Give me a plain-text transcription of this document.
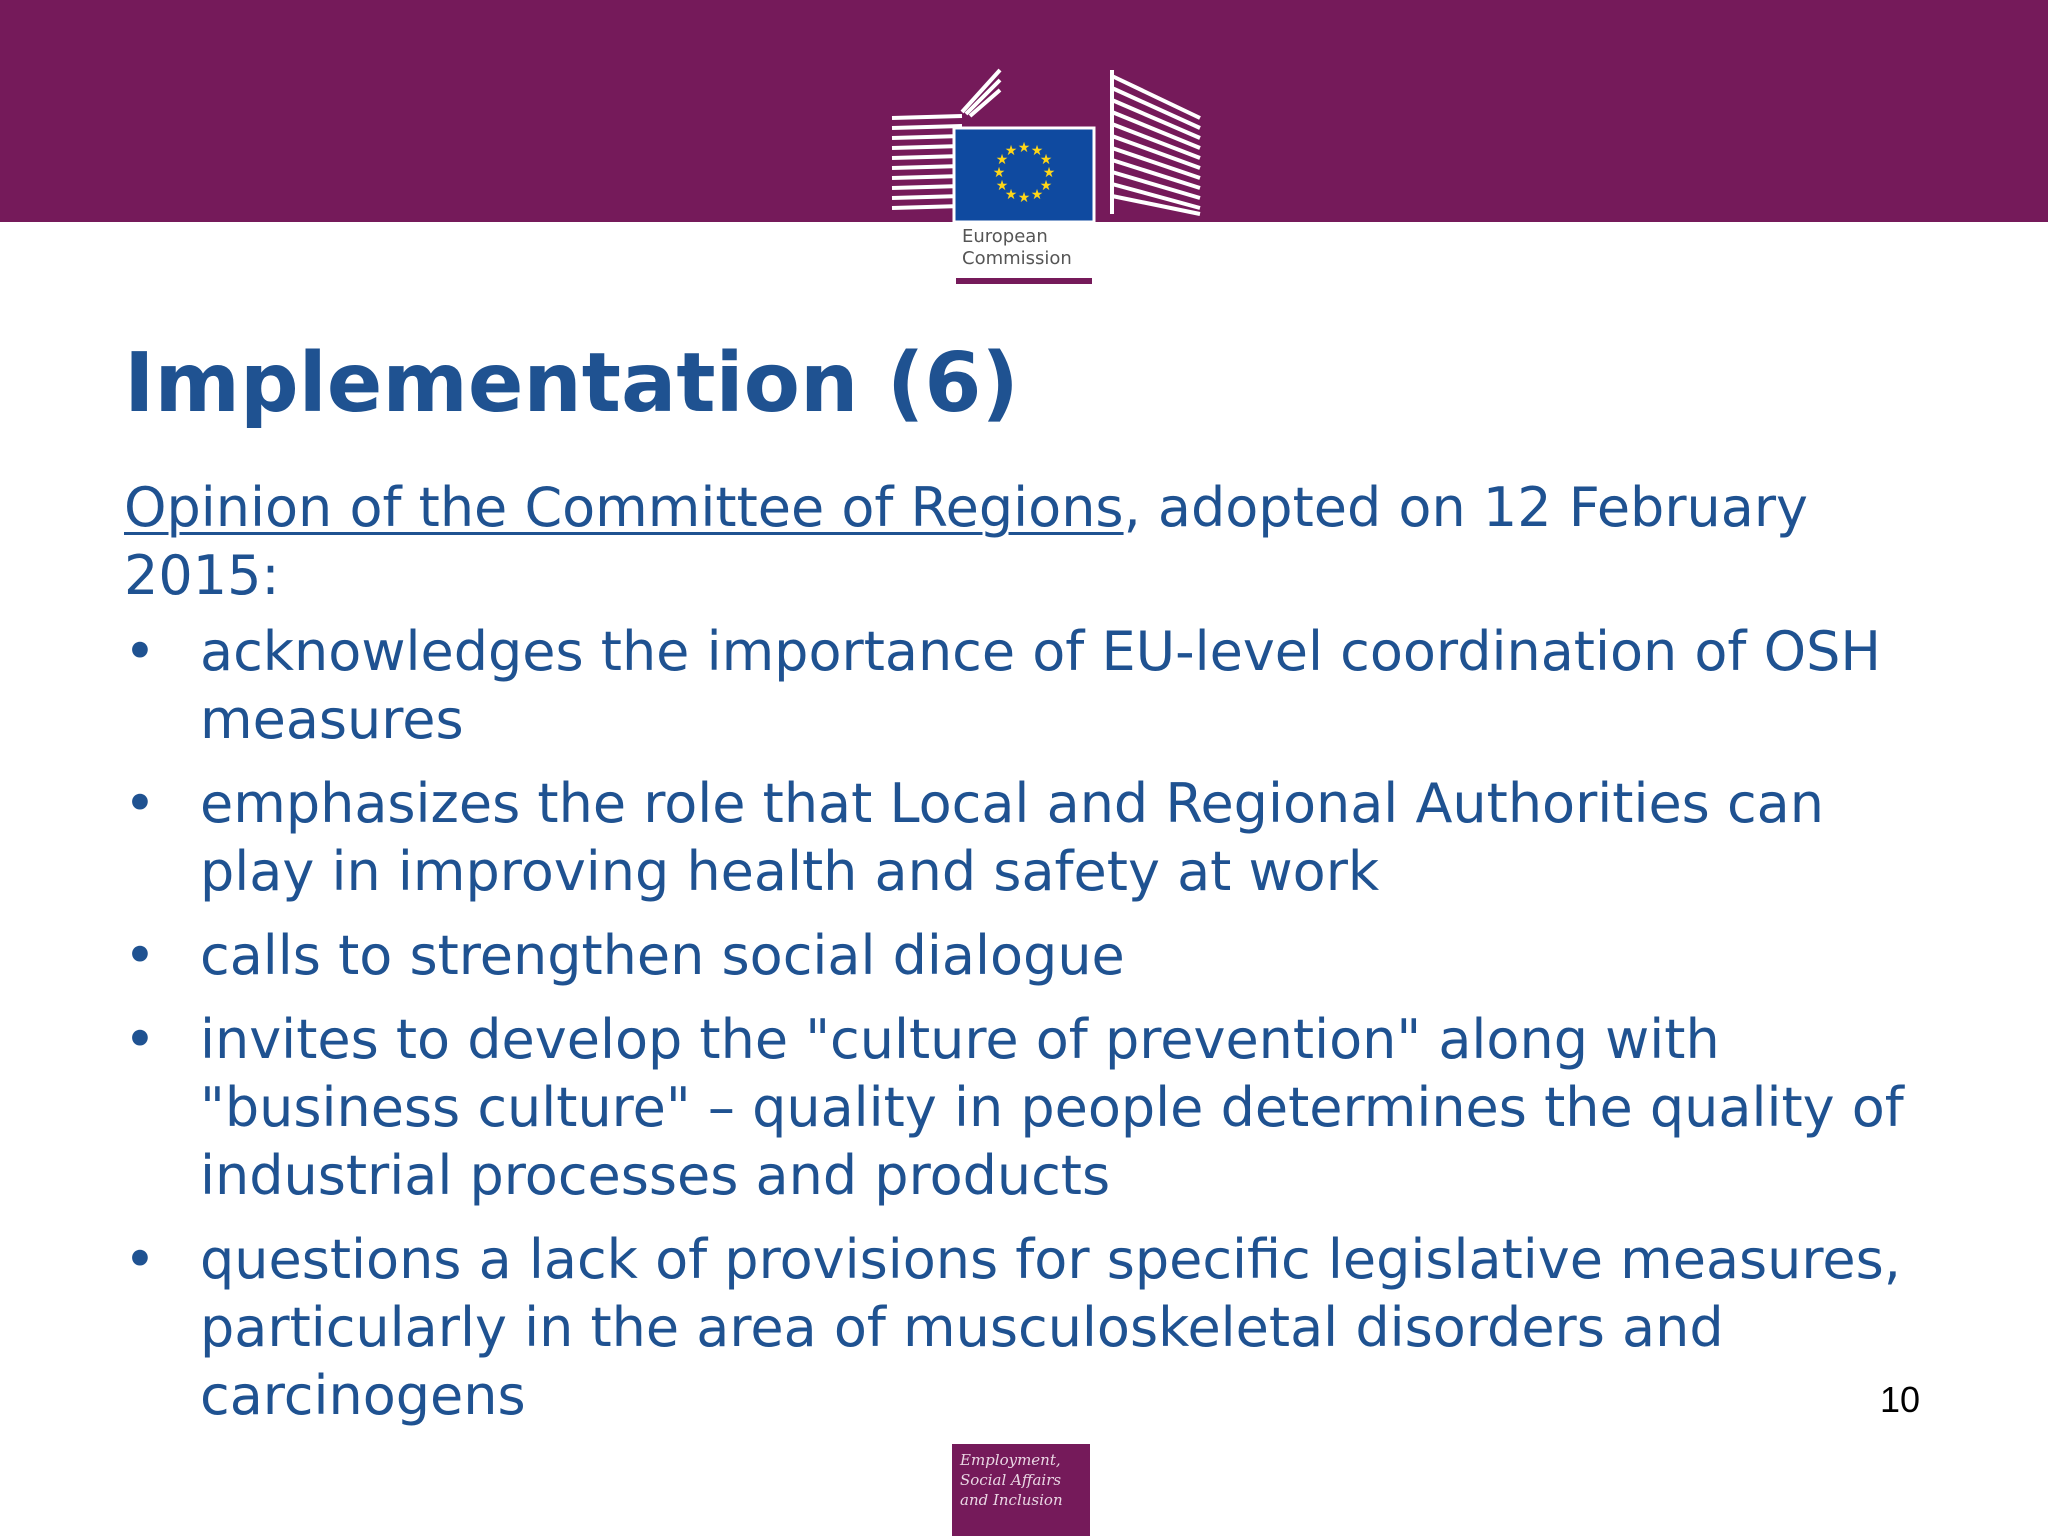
★ ★
★
★
★
★
★
★
★
★
★
★
European
Commission
Implementation (6)

Opinion of the Committee of Regions, adopted on 12 February 2015:

• acknowledges the importance of EU-level coordination of OSH measures
• emphasizes the role that Local and Regional Authorities can play in improving health and safety at work
• calls to strengthen social dialogue
• invites to develop the "culture of prevention" along with "business culture" – quality in people determines the quality of industrial processes and products
• questions a lack of provisions for specific legislative measures, particularly in the area of musculoskeletal disorders and carcinogens	10
Employment,
Social Affairs
and Inclusion
